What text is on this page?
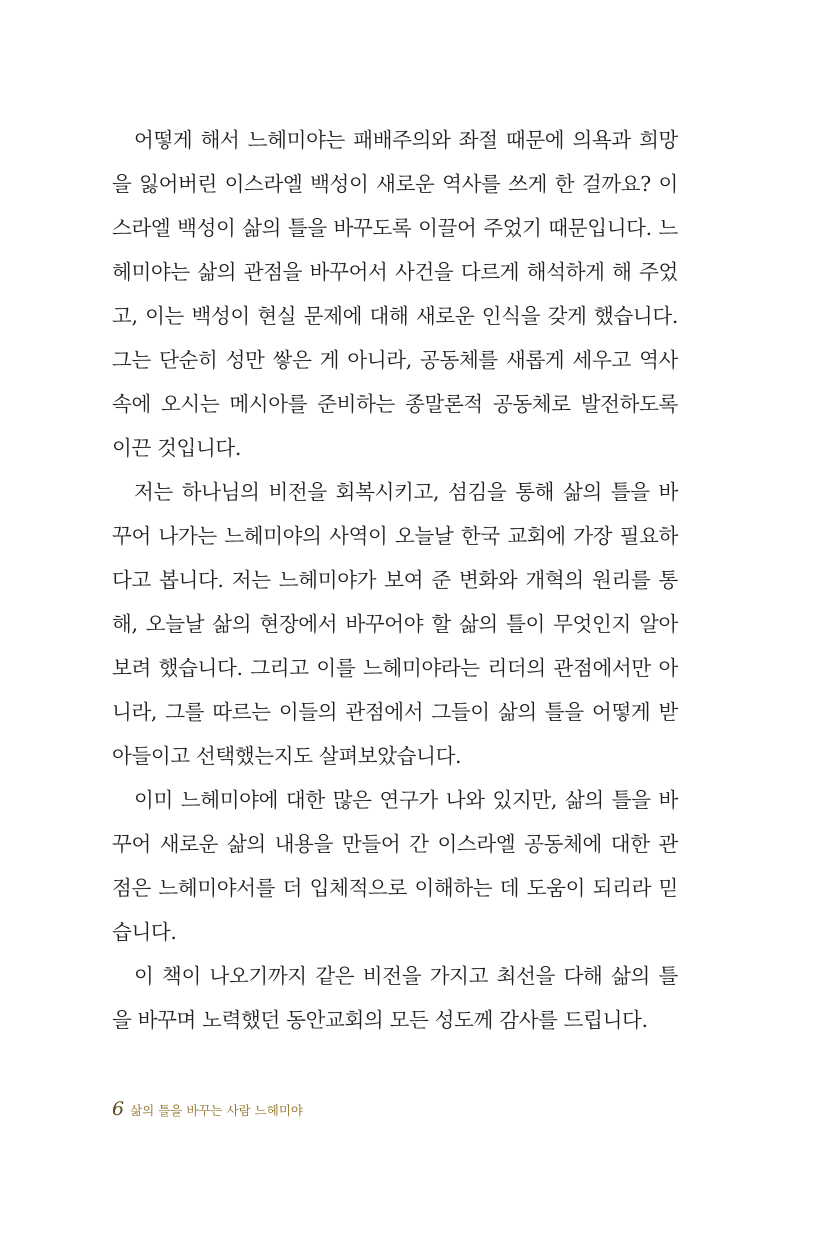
어떻게 해서 느헤미야는 패배주의와 좌절 때문에 의욕과 희망
을 잃어버린 이스라엘 백성이 새로운 역사를 쓰게 한 걸까요? 이
스라엘 백성이 삶의 틀을 바꾸도록 이끌어 주었기 때문입니다. 느
헤미야는 삶의 관점을 바꾸어서 사건을 다르게 해석하게 해 주었
고, 이는 백성이 현실 문제에 대해 새로운 인식을 갖게 했습니다.
그는 단순히 성만 쌓은 게 아니라, 공동체를 새롭게 세우고 역사
속에 오시는 메시아를 준비하는 종말론적 공동체로 발전하도록
이끈 것입니다.
저는 하나님의 비전을 회복시키고, 섬김을 통해 삶의 틀을 바
꾸어 나가는 느헤미야의 사역이 오늘날 한국 교회에 가장 필요하
다고 봅니다. 저는 느헤미야가 보여 준 변화와 개혁의 원리를 통
해, 오늘날 삶의 현장에서 바꾸어야 할 삶의 틀이 무엇인지 알아
보려 했습니다. 그리고 이를 느헤미야라는 리더의 관점에서만 아
니라, 그를 따르는 이들의 관점에서 그들이 삶의 틀을 어떻게 받
아들이고 선택했는지도 살펴보았습니다.
이미 느헤미야에 대한 많은 연구가 나와 있지만, 삶의 틀을 바
꾸어 새로운 삶의 내용을 만들어 간 이스라엘 공동체에 대한 관
점은 느헤미야서를 더 입체적으로 이해하는 데 도움이 되리라 믿
습니다.
이 책이 나오기까지 같은 비전을 가지고 최선을 다해 삶의 틀
을 바꾸며 노력했던 동안교회의 모든 성도께 감사를 드립니다.
6 삶의 틀을 바꾸는 사람 느헤미야
